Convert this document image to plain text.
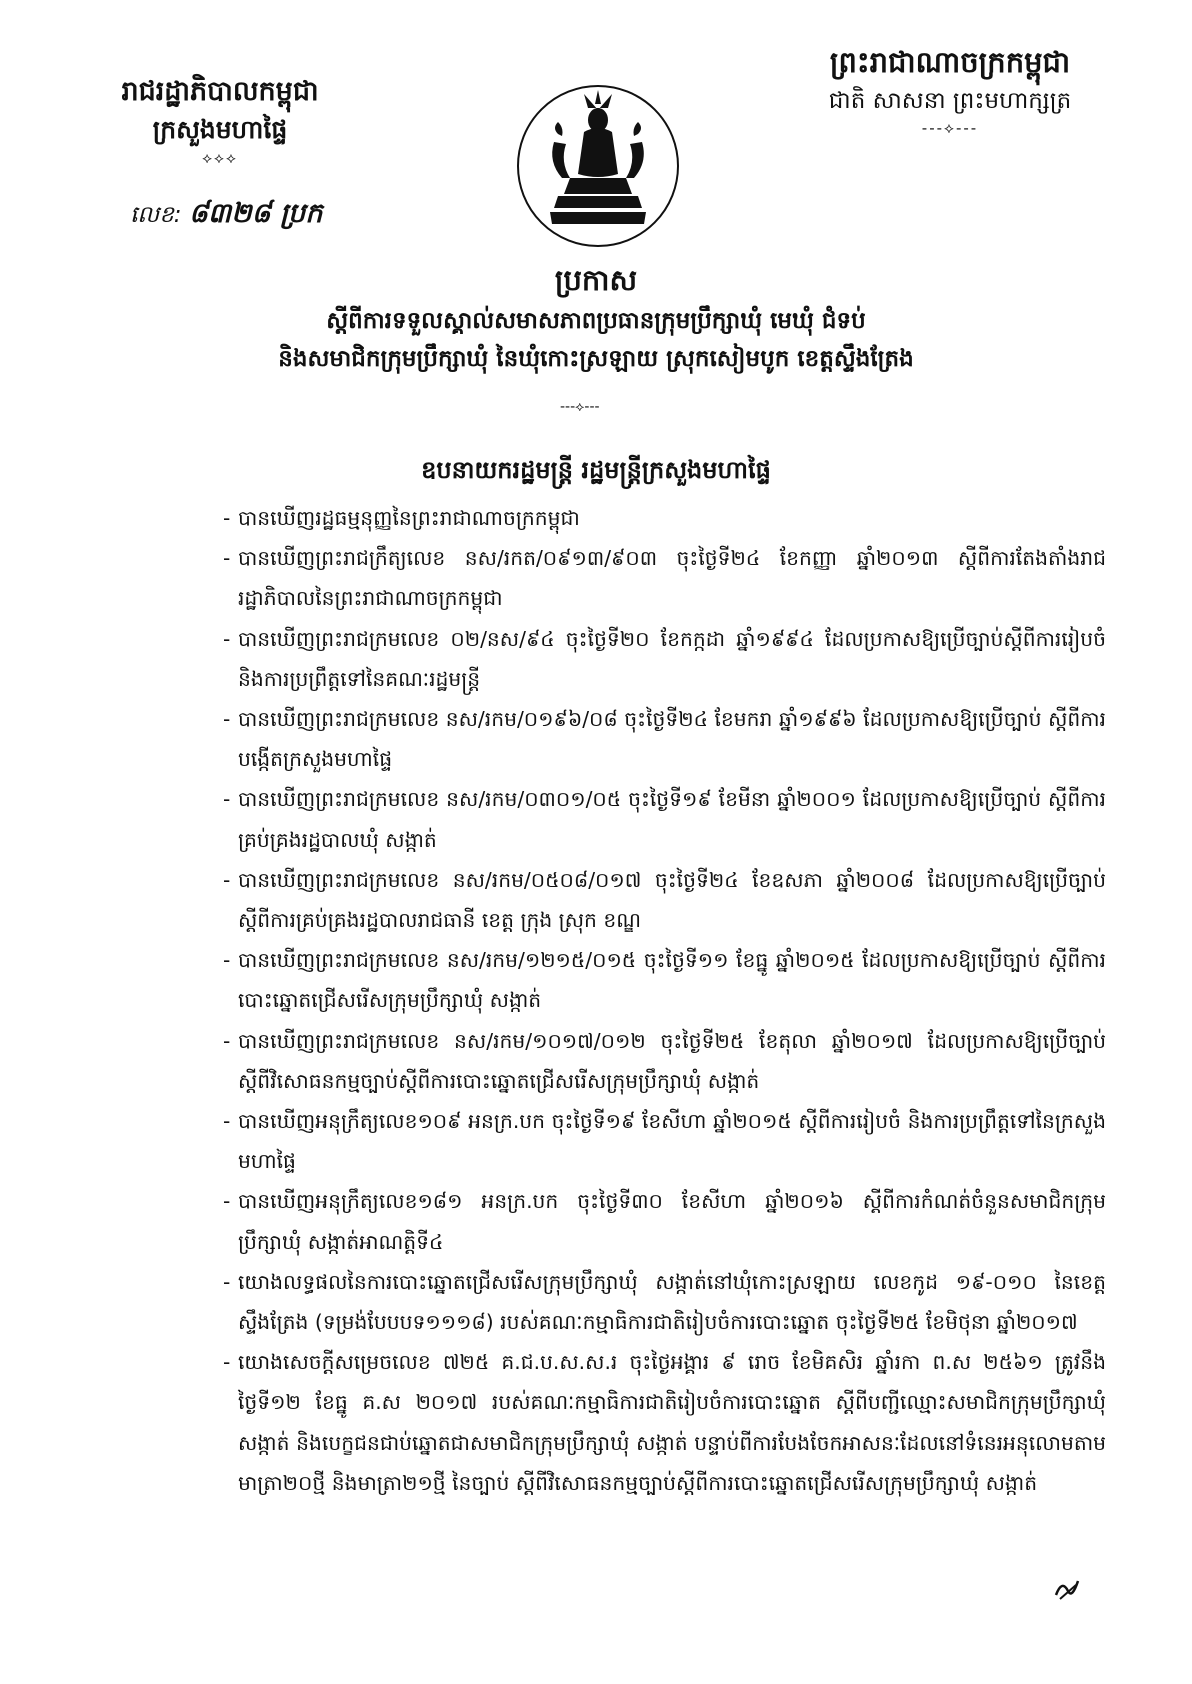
រាជរដ្ឋាភិបាលកម្ពុជា
ក្រសួងមហាផ្ទៃ
⟡⟡⟡
លេខ: ៨៣២៨ ប្រក
ព្រះរាជាណាចក្រកម្ពុជា
ជាតិ សាសនា ព្រះមហាក្សត្រ
---⟡---
ប្រកាស
ស្តីពីការទទួលស្គាល់សមាសភាពប្រធានក្រុមប្រឹក្សាឃុំ មេឃុំ ជំទប់
និងសមាជិកក្រុមប្រឹក្សាឃុំ នៃឃុំកោះស្រឡាយ ស្រុកសៀមបូក ខេត្តស្ទឹងត្រែង
---⟡---
ឧបនាយករដ្ឋមន្ត្រី រដ្ឋមន្ត្រីក្រសួងមហាផ្ទៃ
- បានឃើញរដ្ឋធម្មនុញ្ញនៃព្រះរាជាណាចក្រកម្ពុជា
- បានឃើញព្រះរាជក្រឹត្យលេខ នស/រកត/០៩១៣/៩០៣ ចុះថ្ងៃទី២៤ ខែកញ្ញា ឆ្នាំ២០១៣ ស្តីពីការតែងតាំងរាជរដ្ឋាភិបាលនៃព្រះរាជាណាចក្រកម្ពុជា
- បានឃើញព្រះរាជក្រមលេខ ០២/នស/៩៤ ចុះថ្ងៃទី២០ ខែកក្កដា ឆ្នាំ១៩៩៤ ដែលប្រកាសឱ្យប្រើច្បាប់ស្តីពីការរៀបចំ និងការប្រព្រឹត្តទៅនៃគណៈរដ្ឋមន្ត្រី
- បានឃើញព្រះរាជក្រមលេខ នស/រកម/០១៩៦/០៨ ចុះថ្ងៃទី២៤ ខែមករា ឆ្នាំ១៩៩៦ ដែលប្រកាសឱ្យប្រើច្បាប់ ស្តីពីការបង្កើតក្រសួងមហាផ្ទៃ
- បានឃើញព្រះរាជក្រមលេខ នស/រកម/០៣០១/០៥ ចុះថ្ងៃទី១៩ ខែមីនា ឆ្នាំ២០០១ ដែលប្រកាសឱ្យប្រើច្បាប់ ស្តីពីការគ្រប់គ្រងរដ្ឋបាលឃុំ សង្កាត់
- បានឃើញព្រះរាជក្រមលេខ នស/រកម/០៥០៨/០១៧ ចុះថ្ងៃទី២៤ ខែឧសភា ឆ្នាំ២០០៨ ដែលប្រកាសឱ្យប្រើច្បាប់ ស្តីពីការគ្រប់គ្រងរដ្ឋបាលរាជធានី ខេត្ត ក្រុង ស្រុក ខណ្ឌ
- បានឃើញព្រះរាជក្រមលេខ នស/រកម/១២១៥/០១៥ ចុះថ្ងៃទី១១ ខែធ្នូ ឆ្នាំ២០១៥ ដែលប្រកាសឱ្យប្រើច្បាប់ ស្តីពីការបោះឆ្នោតជ្រើសរើសក្រុមប្រឹក្សាឃុំ សង្កាត់
- បានឃើញព្រះរាជក្រមលេខ នស/រកម/១០១៧/០១២ ចុះថ្ងៃទី២៥ ខែតុលា ឆ្នាំ២០១៧ ដែលប្រកាសឱ្យប្រើច្បាប់ ស្តីពីវិសោធនកម្មច្បាប់ស្តីពីការបោះឆ្នោតជ្រើសរើសក្រុមប្រឹក្សាឃុំ សង្កាត់
- បានឃើញអនុក្រឹត្យលេខ១០៩ អនក្រ.បក ចុះថ្ងៃទី១៩ ខែសីហា ឆ្នាំ២០១៥ ស្តីពីការរៀបចំ និងការប្រព្រឹត្តទៅនៃក្រសួងមហាផ្ទៃ
- បានឃើញអនុក្រឹត្យលេខ១៨១ អនក្រ.បក ចុះថ្ងៃទី៣០ ខែសីហា ឆ្នាំ២០១៦ ស្តីពីការកំណត់ចំនួនសមាជិកក្រុមប្រឹក្សាឃុំ សង្កាត់អាណត្តិទី៤
- យោងលទ្ធផលនៃការបោះឆ្នោតជ្រើសរើសក្រុមប្រឹក្សាឃុំ សង្កាត់នៅឃុំកោះស្រឡាយ លេខកូដ ១៩-០១០ នៃខេត្តស្ទឹងត្រែង (ទម្រង់បែបបទ១១១៨) របស់គណៈកម្មាធិការជាតិរៀបចំការបោះឆ្នោត ចុះថ្ងៃទី២៥ ខែមិថុនា ឆ្នាំ២០១៧
- យោងសេចក្តីសម្រេចលេខ ៧២៥ គ.ជ.ប.ស.ស.រ ចុះថ្ងៃអង្គារ ៩ រោច ខែមិគសិរ ឆ្នាំរកា ព.ស ២៥៦១ ត្រូវនឹងថ្ងៃទី១២ ខែធ្នូ គ.ស ២០១៧ របស់គណៈកម្មាធិការជាតិរៀបចំការបោះឆ្នោត ស្តីពីបញ្ជីឈ្មោះសមាជិកក្រុមប្រឹក្សាឃុំ សង្កាត់ និងបេក្ខជនជាប់ឆ្នោតជាសមាជិកក្រុមប្រឹក្សាឃុំ សង្កាត់ បន្ទាប់ពីការបែងចែកអាសនៈដែលនៅទំនេរអនុលោមតាមមាត្រា២០ថ្មី និងមាត្រា២១ថ្មី នៃច្បាប់ ស្តីពីវិសោធនកម្មច្បាប់ស្តីពីការបោះឆ្នោតជ្រើសរើសក្រុមប្រឹក្សាឃុំ សង្កាត់
